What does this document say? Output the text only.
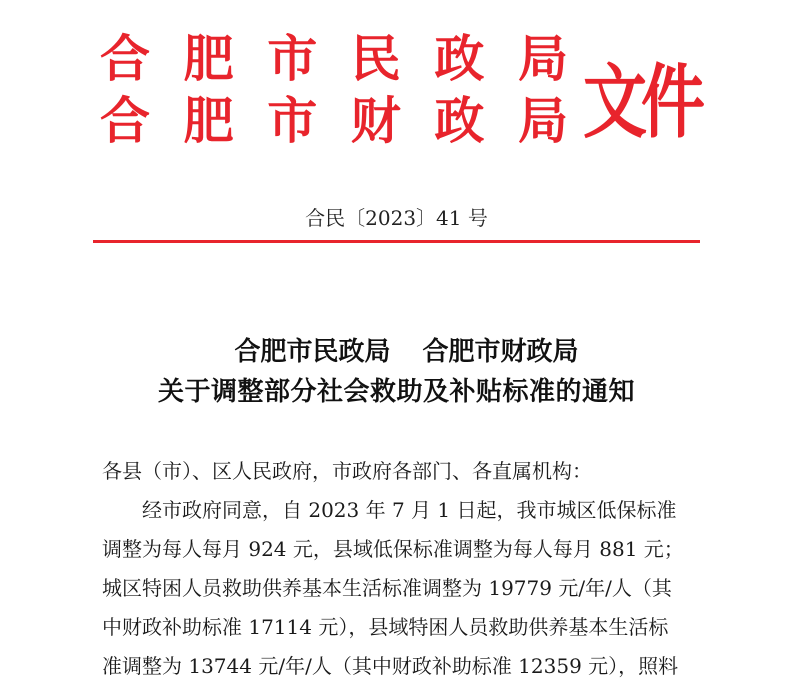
合 肥 市 民 政 局
合 肥 市 财 政 局 文件
合民〔2023〕41 号
合肥市民政局 合肥市财政局
关于调整部分社会救助及补贴标准的通知
各县（市）、区人民政府，市政府各部门、各直属机构：
经市政府同意，自 2023 年 7 月 1 日起，我市城区低保标准
调整为每人每月 924 元，县域低保标准调整为每人每月 881 元；
城区特困人员救助供养基本生活标准调整为 19779 元/年/人（其
中财政补助标准 17114 元），县域特困人员救助供养基本生活标
准调整为 13744 元/年/人（其中财政补助标准 12359 元），照料
